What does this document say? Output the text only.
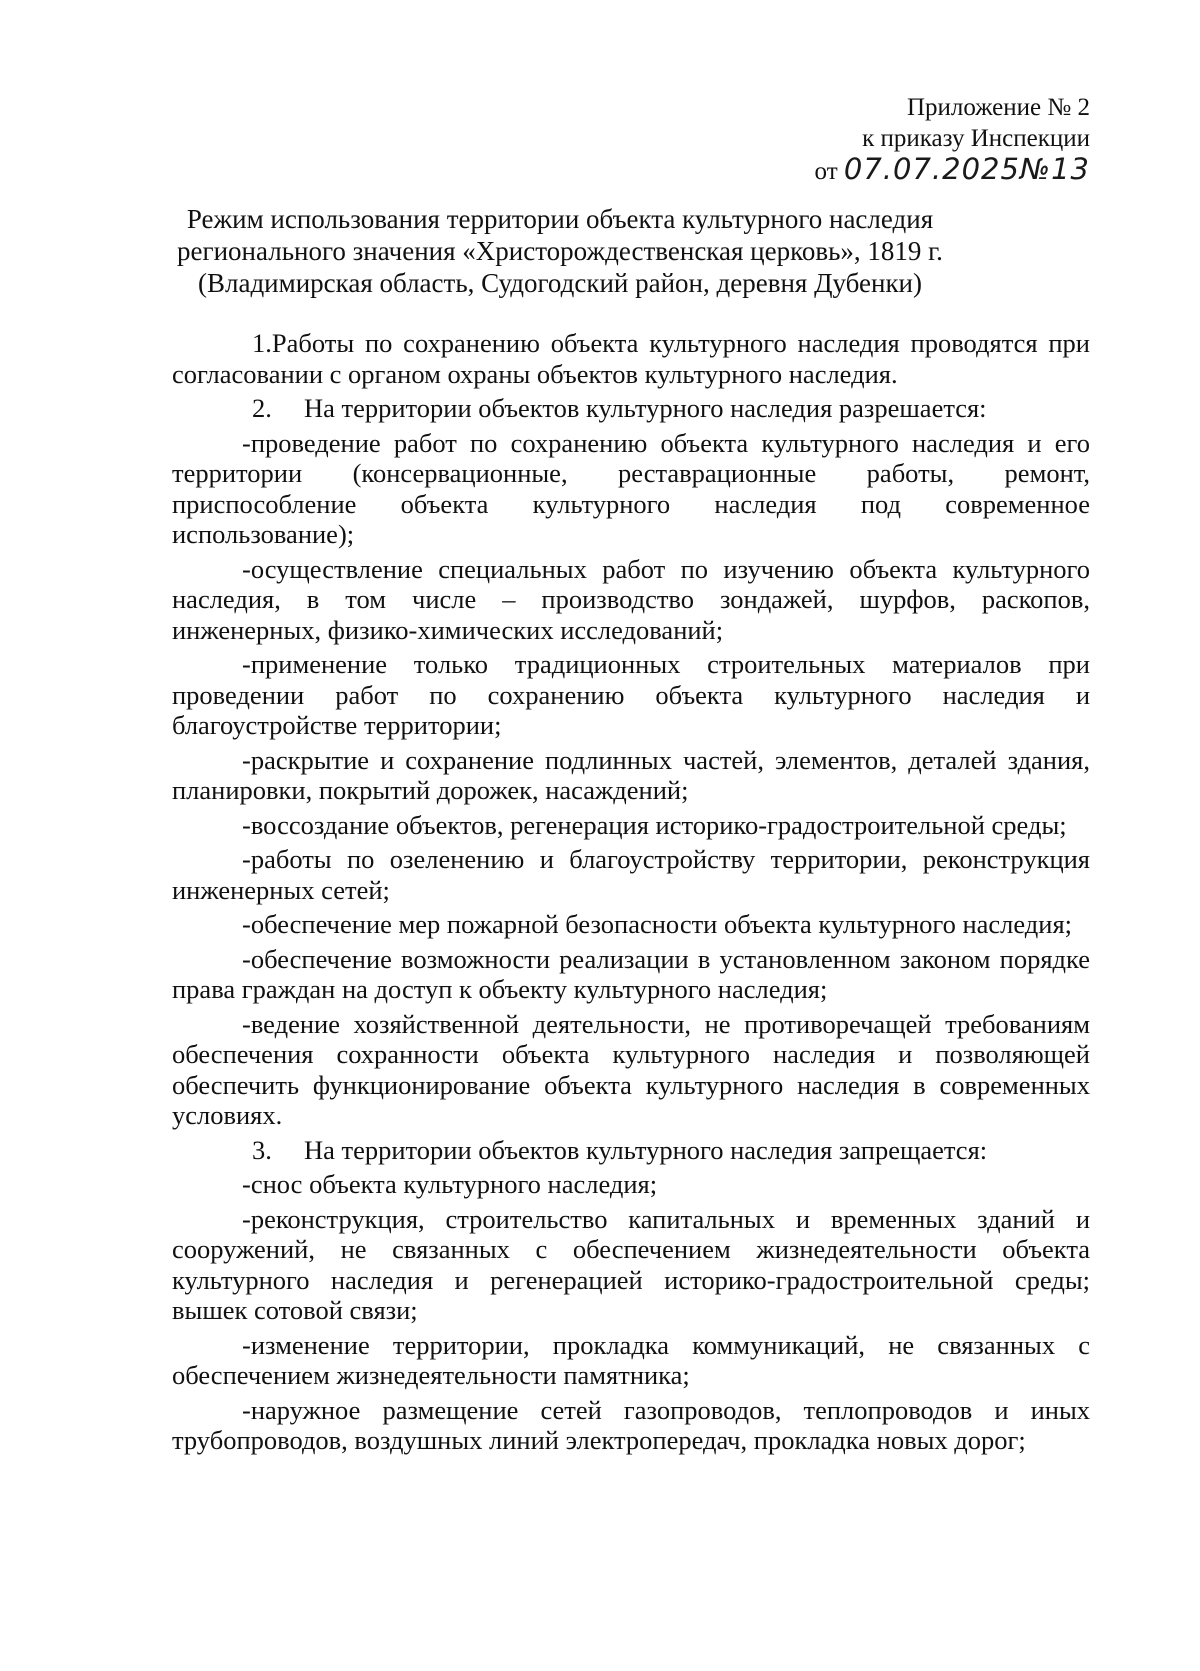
Приложение № 2
к приказу Инспекции
от 07.07.2025№13
Режим использования территории объекта культурного наследия
регионального значения «Христорождественская церковь», 1819 г.
(Владимирская область, Судогодский район, деревня Дубенки)

1.Работы по сохранению объекта культурного наследия проводятся при согласовании с органом охраны объектов культурного наследия.

2. На территории объектов культурного наследия разрешается:

-проведение работ по сохранению объекта культурного наследия и его территории (консервационные, реставрационные работы, ремонт, приспособление объекта культурного наследия под современное использование);

-осуществление специальных работ по изучению объекта культурного наследия, в том числе – производство зондажей, шурфов, раскопов, инженерных, физико-химических исследований;

-применение только традиционных строительных материалов при проведении работ по сохранению объекта культурного наследия и благоустройстве территории;

-раскрытие и сохранение подлинных частей, элементов, деталей здания, планировки, покрытий дорожек, насаждений;

-воссоздание объектов, регенерация историко-градостроительной среды;

-работы по озеленению и благоустройству территории, реконструкция инженерных сетей;

-обеспечение мер пожарной безопасности объекта культурного наследия;

-обеспечение возможности реализации в установленном законом порядке права граждан на доступ к объекту культурного наследия;

-ведение хозяйственной деятельности, не противоречащей требованиям обеспечения сохранности объекта культурного наследия и позволяющей обеспечить функционирование объекта культурного наследия в современных условиях.

3. На территории объектов культурного наследия запрещается:

-снос объекта культурного наследия;

-реконструкция, строительство капитальных и временных зданий и сооружений, не связанных с обеспечением жизнедеятельности объекта культурного наследия и регенерацией историко-градостроительной среды; вышек сотовой связи;

-изменение территории, прокладка коммуникаций, не связанных с обеспечением жизнедеятельности памятника;

-наружное размещение сетей газопроводов, теплопроводов и иных трубопроводов, воздушных линий электропередач, прокладка новых дорог;
